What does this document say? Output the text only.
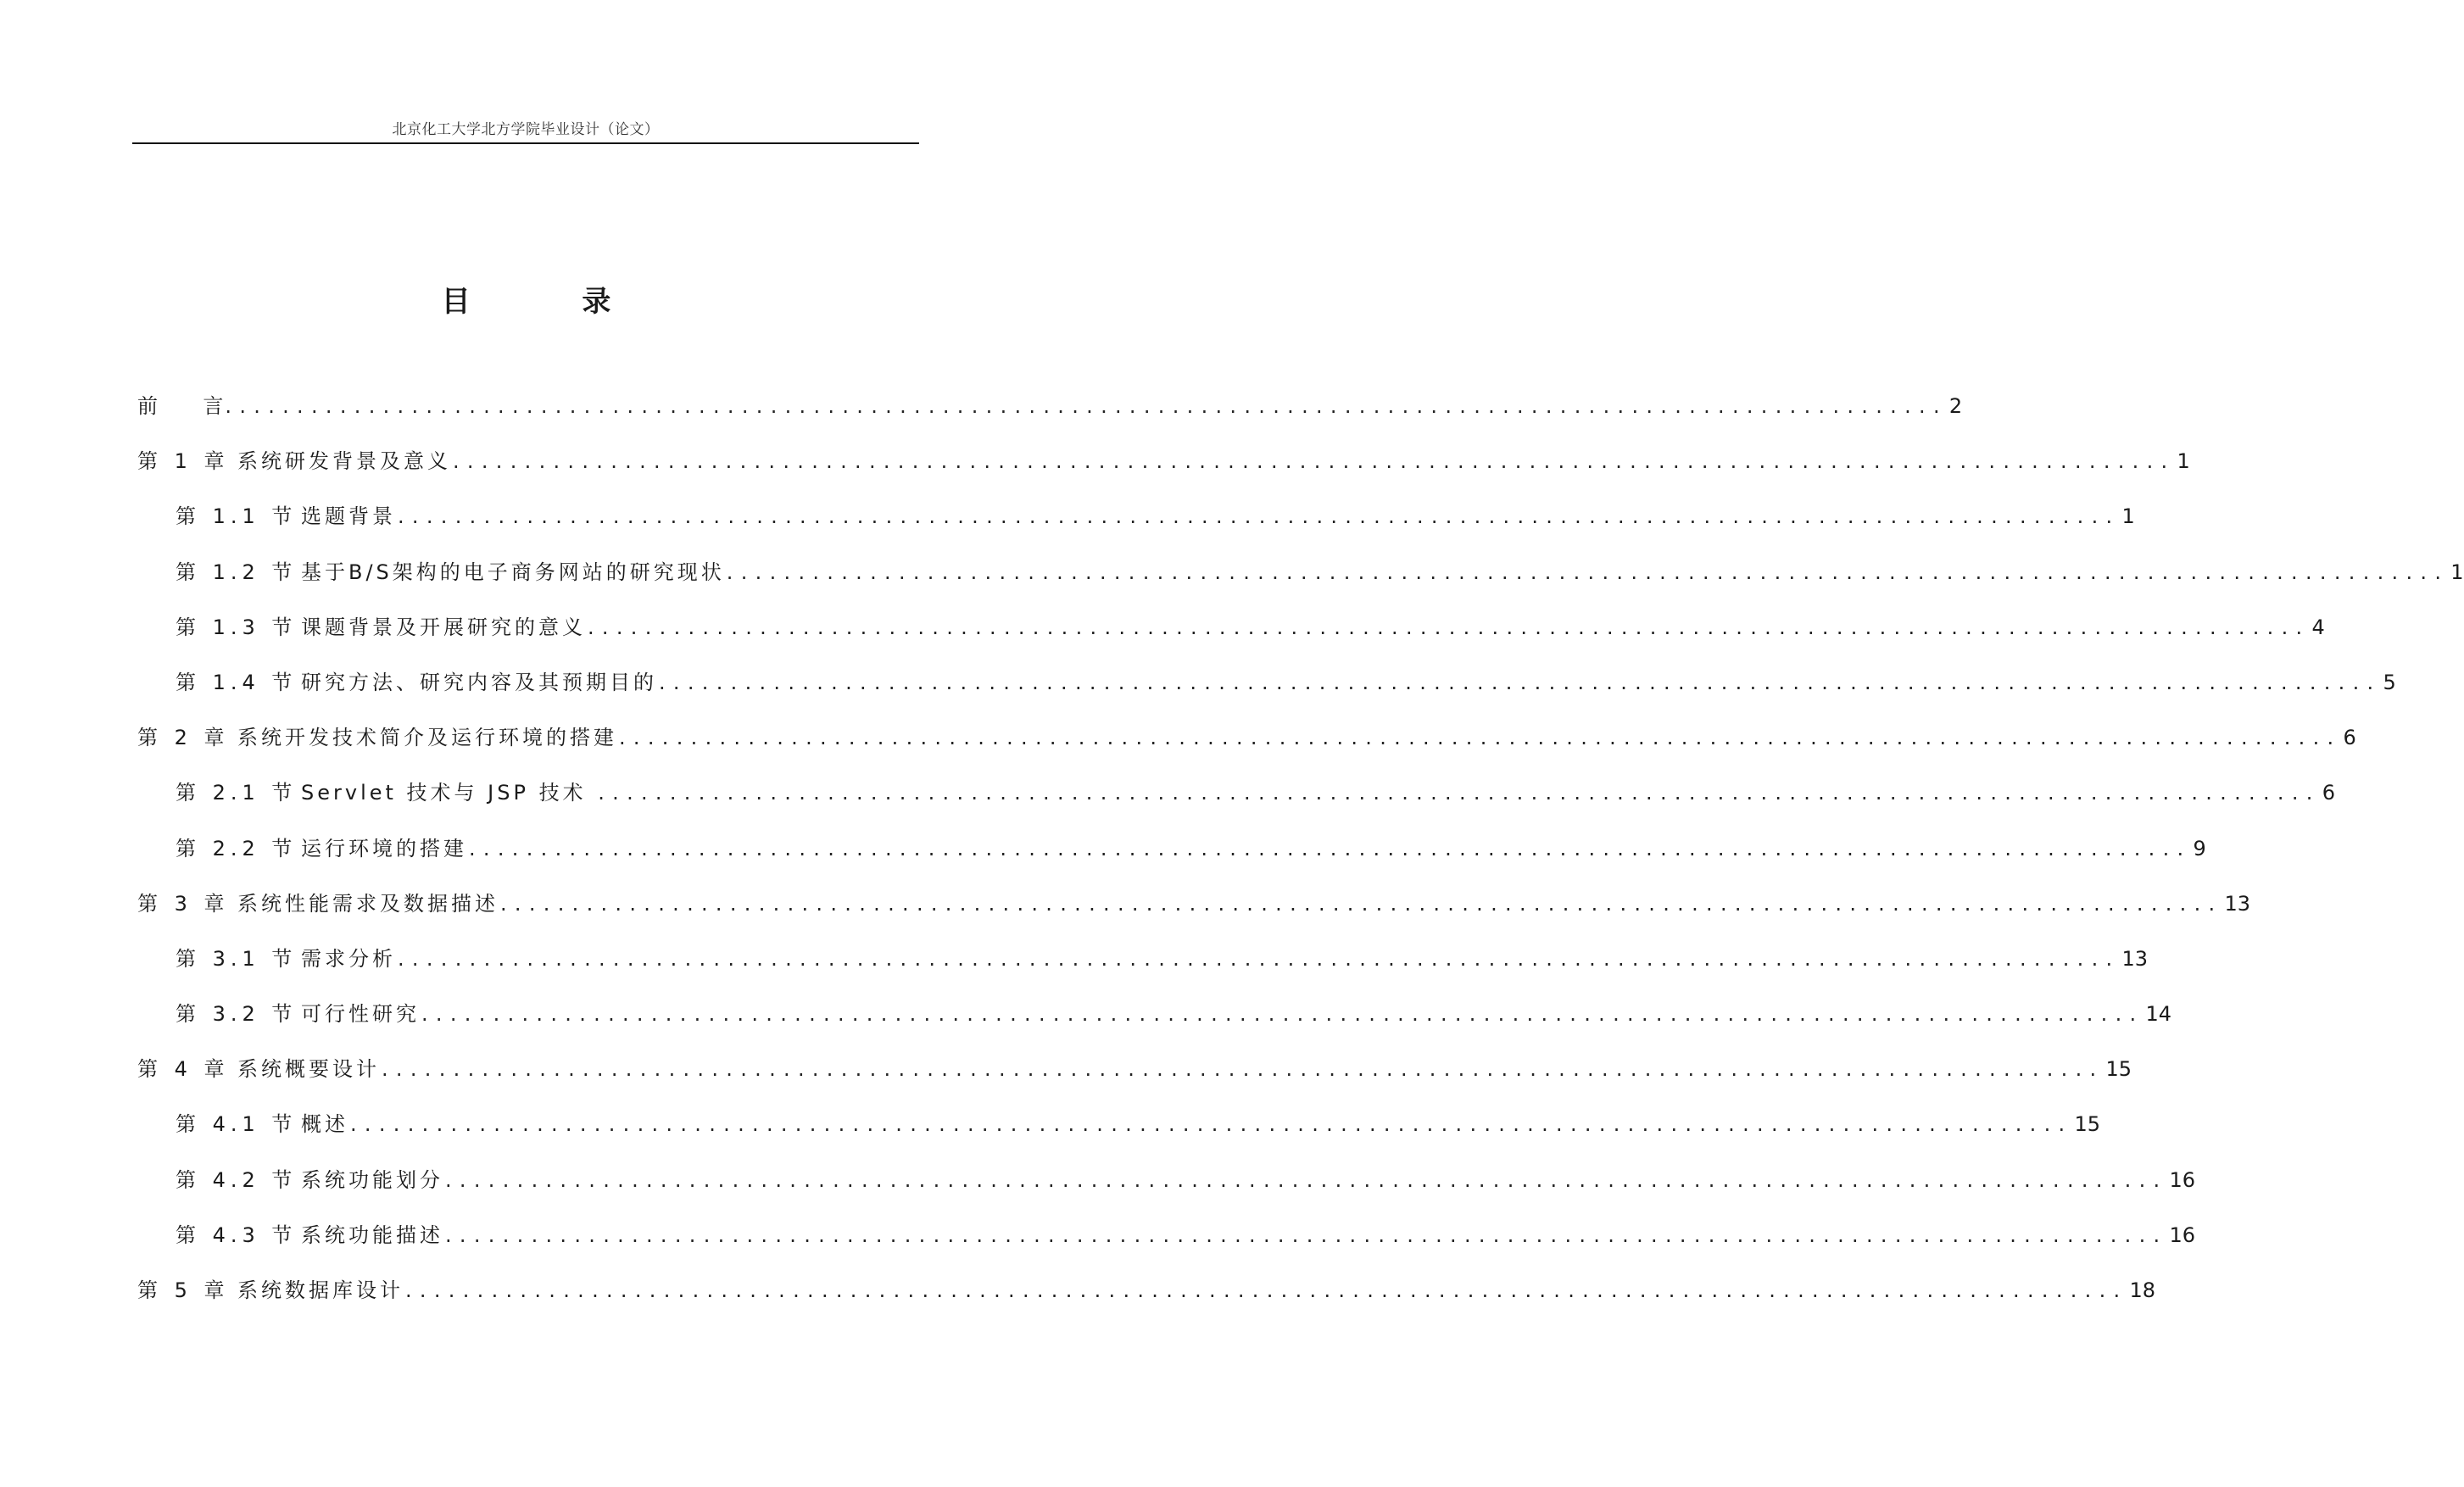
北京化工大学北方学院毕业设计（论文）
目 录
前       言 ........................................................................................................................ 2
第 1 章 系统研发背景及意义 ........................................................................................................................ 1
第 1.1 节 选题背景 ........................................................................................................................ 1
第 1.2 节 基于B/S架构的电子商务网站的研究现状 ........................................................................................................................ 1
第 1.3 节 课题背景及开展研究的意义 ........................................................................................................................ 4
第 1.4 节 研究方法、研究内容及其预期目的 ........................................................................................................................ 5
第 2 章 系统开发技术简介及运行环境的搭建 ........................................................................................................................ 6
第 2.1 节 Servlet 技术与 JSP 技术 ........................................................................................................................ 6
第 2.2 节 运行环境的搭建 ........................................................................................................................ 9
第 3 章 系统性能需求及数据描述 ........................................................................................................................ 13
第 3.1 节 需求分析 ........................................................................................................................ 13
第 3.2 节 可行性研究 ........................................................................................................................ 14
第 4 章 系统概要设计 ........................................................................................................................ 15
第 4.1 节 概述 ........................................................................................................................ 15
第 4.2 节 系统功能划分 ........................................................................................................................ 16
第 4.3 节 系统功能描述 ........................................................................................................................ 16
第 5 章 系统数据库设计 ........................................................................................................................ 18
